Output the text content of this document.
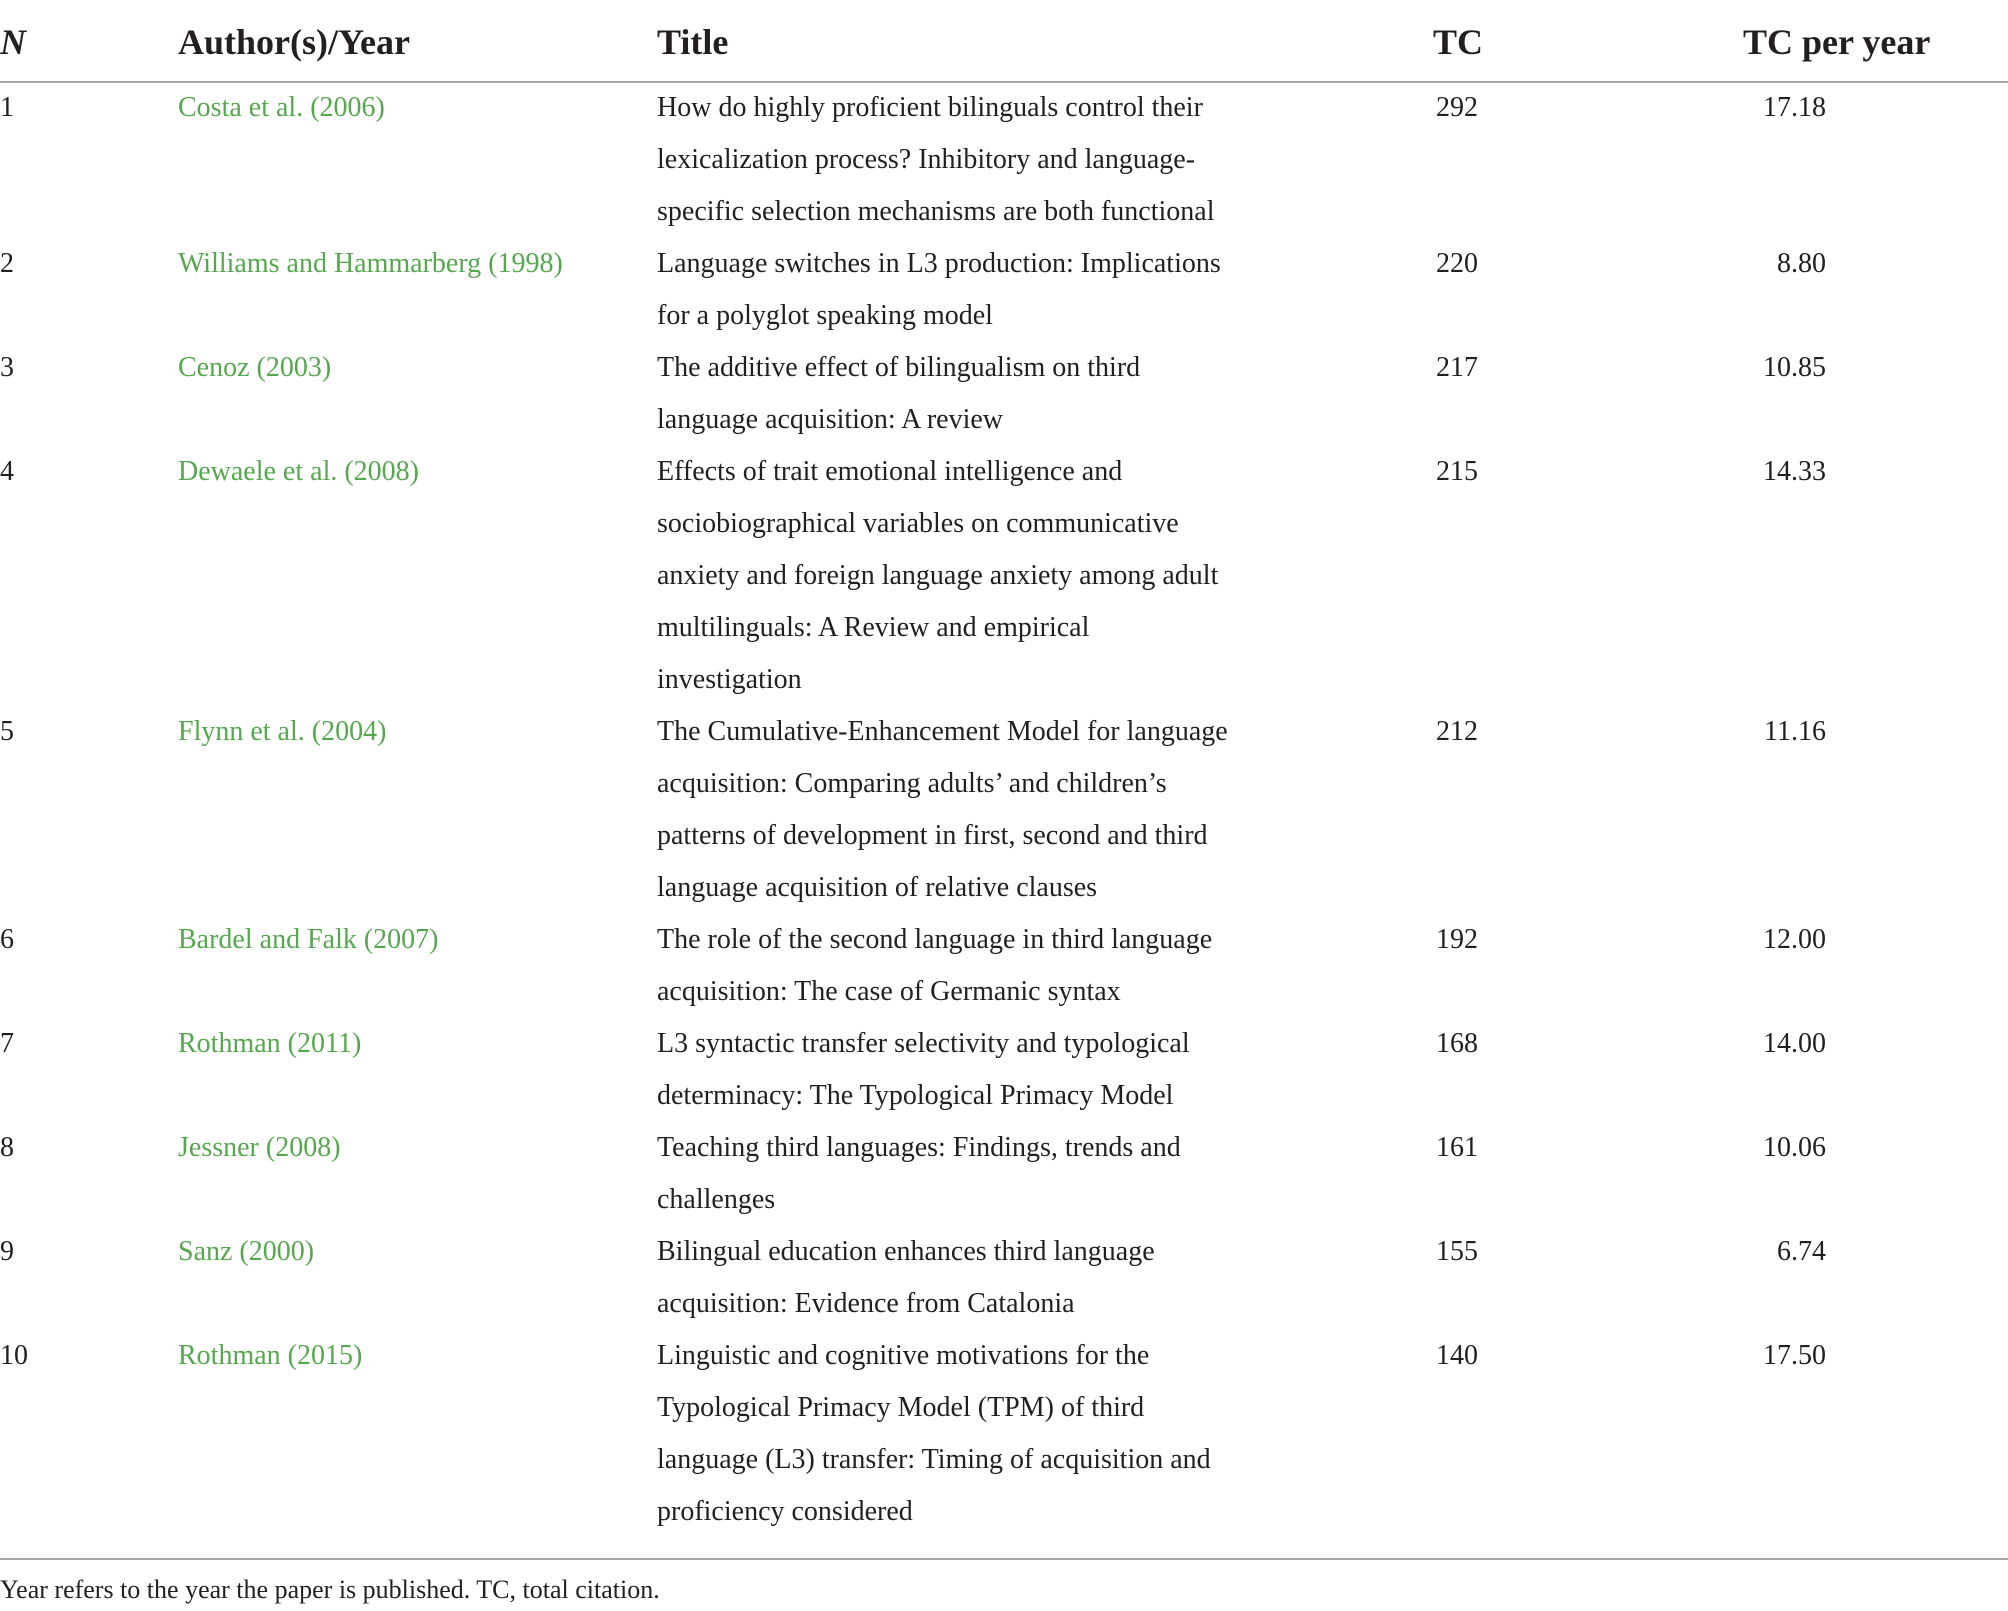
N	Author(s)/Year	Title	TC	TC per year
1	Costa et al. (2006)	How do highly proficient bilinguals control their
lexicalization process? Inhibitory and language-
specific selection mechanisms are both functional
292	17.18
2	Williams and Hammarberg (1998)	Language switches in L3 production: Implications
for a polyglot speaking model
220	8.80
3	Cenoz (2003)	The additive effect of bilingualism on third
language acquisition: A review
217	10.85
4	Dewaele et al. (2008)	Effects of trait emotional intelligence and
sociobiographical variables on communicative
anxiety and foreign language anxiety among adult
multilinguals: A Review and empirical
investigation
215	14.33
5	Flynn et al. (2004)	The Cumulative-Enhancement Model for language
acquisition: Comparing adults’ and children’s
patterns of development in first, second and third
language acquisition of relative clauses
212	11.16
6	Bardel and Falk (2007)	The role of the second language in third language
acquisition: The case of Germanic syntax
192	12.00
7	Rothman (2011)	L3 syntactic transfer selectivity and typological
determinacy: The Typological Primacy Model
168	14.00
8	Jessner (2008)	Teaching third languages: Findings, trends and
challenges
161	10.06
9	Sanz (2000)	Bilingual education enhances third language
acquisition: Evidence from Catalonia
155	6.74
10	Rothman (2015)	Linguistic and cognitive motivations for the
Typological Primacy Model (TPM) of third
language (L3) transfer: Timing of acquisition and
proficiency considered
140	17.50
Year refers to the year the paper is published. TC, total citation.
